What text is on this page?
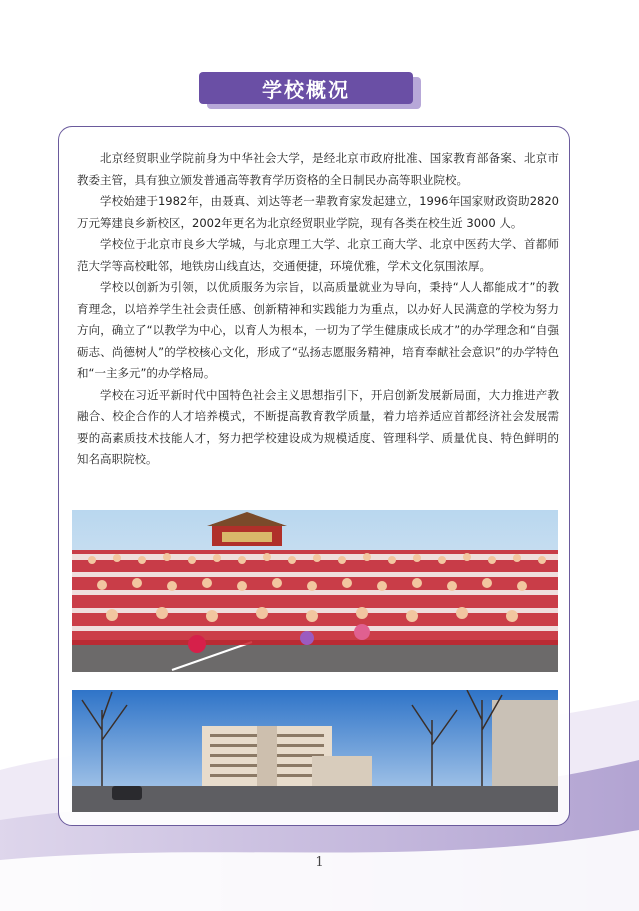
学校概况

北京经贸职业学院前身为中华社会大学，是经北京市政府批准、国家教育部备案、北京市教委主管，具有独立颁发普通高等教育学历资格的全日制民办高等职业院校。

学校始建于1982年，由聂真、刘达等老一辈教育家发起建立，1996年国家财政资助2820万元筹建良乡新校区，2002年更名为北京经贸职业学院，现有各类在校生近 3000 人。

学校位于北京市良乡大学城，与北京理工大学、北京工商大学、北京中医药大学、首都师范大学等高校毗邻，地铁房山线直达，交通便捷，环境优雅，学术文化氛围浓厚。

学校以创新为引领，以优质服务为宗旨，以高质量就业为导向，秉持“人人都能成才”的教育理念，以培养学生社会责任感、创新精神和实践能力为重点，以办好人民满意的学校为努力方向，确立了“以教学为中心，以育人为根本，一切为了学生健康成长成才”的办学理念和“自强砺志、尚德树人”的学校核心文化，形成了“弘扬志愿服务精神，培育奉献社会意识”的办学特色和“一主多元”的办学格局。

学校在习近平新时代中国特色社会主义思想指引下，开启创新发展新局面，大力推进产教融合、校企合作的人才培养模式，不断提高教育教学质量，着力培养适应首都经济社会发展需要的高素质技术技能人才，努力把学校建设成为规模适度、管理科学、质量优良、特色鲜明的知名高职院校。

1
